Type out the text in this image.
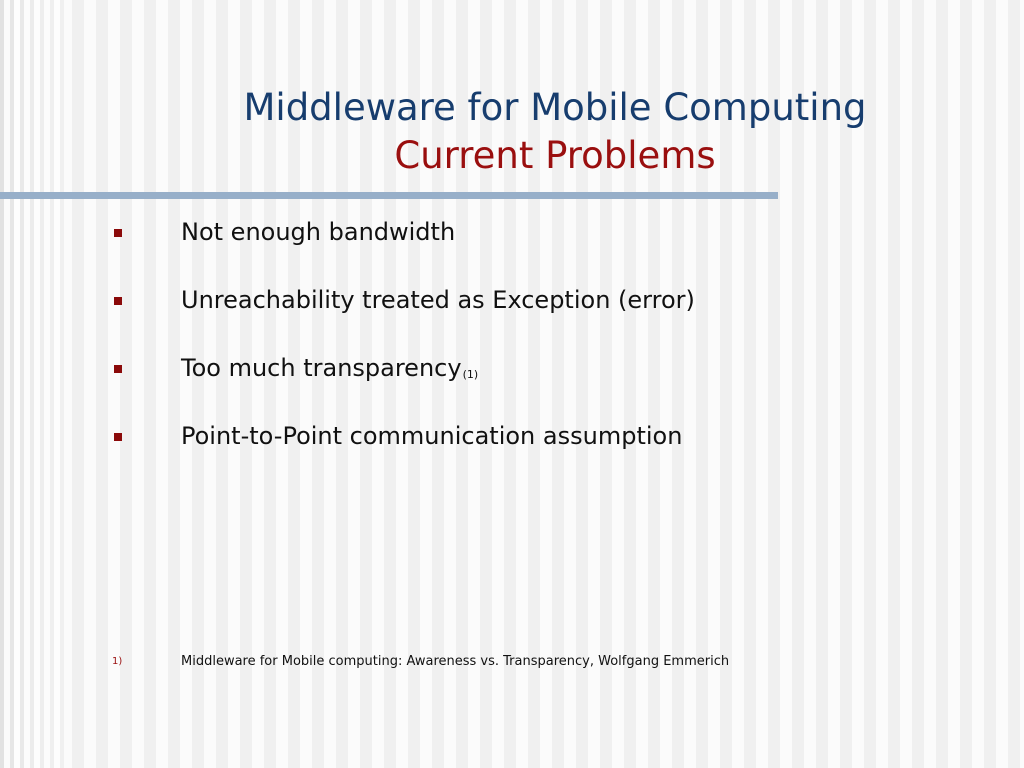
Middleware for Mobile Computing
Current Problems
Not enough bandwidth
Unreachability treated as Exception (error)
Too much transparency(1)
Point-to-Point communication assumption
1)	Middleware for Mobile computing: Awareness vs. Transparency, Wolfgang Emmerich
